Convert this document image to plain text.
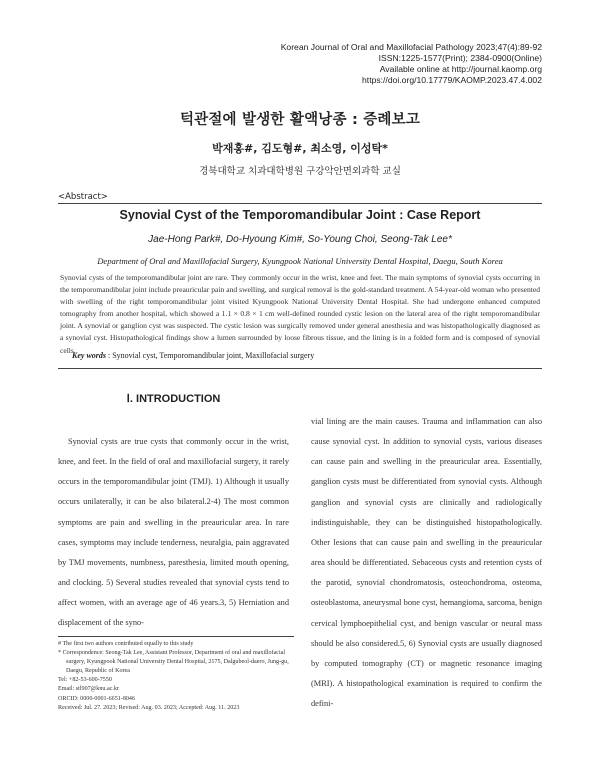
Korean Journal of Oral and Maxillofacial Pathology 2023;47(4):89-92
ISSN:1225-1577(Print); 2384-0900(Online)
Available online at http://journal.kaomp.org
https://doi.org/10.17779/KAOMP.2023.47.4.002
턱관절에 발생한 활액낭종 : 증례보고
박재홍#, 김도형#, 최소영, 이성탁*
경북대학교 치과대학병원 구강악안면외과학 교실
<Abstract>
Synovial Cyst of the Temporomandibular Joint : Case Report
Jae-Hong Park#, Do-Hyoung Kim#, So-Young Choi, Seong-Tak Lee*
Department of Oral and Maxillofacial Surgery, Kyungpook National University Dental Hospital, Daegu, South Korea
Synovial cysts of the temporomandibular joint are rare. They commonly occur in the wrist, knee and feet. The main symptoms of synovial cysts occurring in the temporomandibular joint include preauricular pain and swelling, and surgical removal is the gold-standard treatment. A 54-year-old woman who presented with swelling of the right temporomandibular joint visited Kyungpook National University Dental Hospital. She had undergone enhanced computed tomography from another hospital, which showed a 1.1 × 0.8 × 1 cm well-defined rounded cystic lesion on the lateral area of the right temporomandibular joint. A synovial or ganglion cyst was suspected. The cystic lesion was surgically removed under general anesthesia and was histopathologically diagnosed as a synovial cyst. Histopathological findings show a lumen surrounded by loose fibrous tissue, and the lining is in a folded form and is composed of synovial cells.
Key words : Synovial cyst, Temporomandibular joint, Maxillofacial surgery
Ⅰ. INTRODUCTION
Synovial cysts are true cysts that commonly occur in the wrist, knee, and feet. In the field of oral and maxillofacial surgery, it rarely occurs in the temporomandibular joint (TMJ). 1) Although it usually occurs unilaterally, it can be also bilateral.2-4) The most common symptoms are pain and swelling in the preauricular area. In rare cases, symptoms may include tenderness, neuralgia, pain aggravated by TMJ movements, numbness, paresthesia, limited mouth opening, and clocking. 5) Several studies revealed that synovial cysts tend to affect women, with an average age of 46 years.3, 5) Herniation and displacement of the syno-
vial lining are the main causes. Trauma and inflammation can also cause synovial cyst. In addition to synovial cysts, various diseases can cause pain and swelling in the preauricular area. Essentially, ganglion cysts must be differentiated from synovial cysts. Although ganglion and synovial cysts are clinically and radiologically indistinguishable, they can be distinguished histopathologically. Other lesions that can cause pain and swelling in the preauricular area should be differentiated. Sebaceous cysts and retention cysts of the parotid, synovial chondromatosis, osteochondroma, osteoma, osteoblastoma, aneurysmal bone cyst, hemangioma, sarcoma, benign cervical lymphoepithelial cyst, and benign vascular or neural mass should be also considered.5, 6) Synovial cysts are usually diagnosed by computed tomography (CT) or magnetic resonance imaging (MRI). A histopathological examination is required to confirm the defini-
# The first two authors contributed equally to this study
* Correspondence: Seong-Tak Lee, Assistant Professor, Department of oral and maxillofacial surgery, Kyungpook National University Dental Hospital, 2175, Dalgubeol-daero, Jung-gu, Daegu, Republic of Korea
Tel: +82-53-600-7550
Email: stl907@knu.ac.kr
ORCID: 0000-0001-6651-8046
Received: Jul. 27. 2023; Revised: Aug. 03. 2023; Accepted: Aug. 11. 2023
